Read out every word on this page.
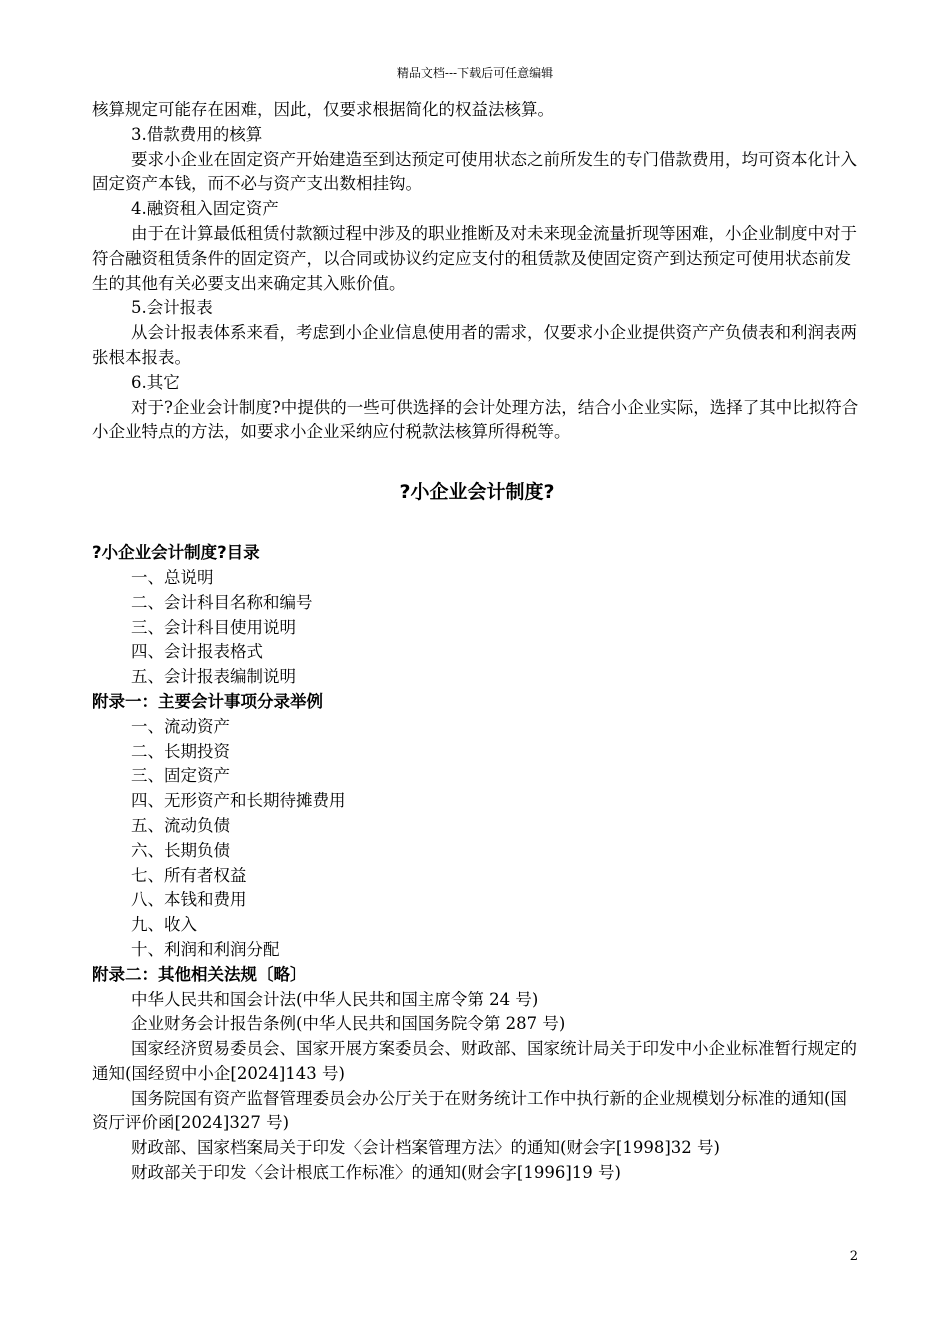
精品文档---下载后可任意编辑

核算规定可能存在困难，因此，仅要求根据简化的权益法核算。

3.借款费用的核算

要求小企业在固定资产开始建造至到达预定可使用状态之前所发生的专门借款费用，均可资本化计入固定资产本钱，而不必与资产支出数相挂钩。

4.融资租入固定资产

由于在计算最低租赁付款额过程中涉及的职业推断及对未来现金流量折现等困难，小企业制度中对于符合融资租赁条件的固定资产，以合同或协议约定应支付的租赁款及使固定资产到达预定可使用状态前发生的其他有关必要支出来确定其入账价值。

5.会计报表

从会计报表体系来看，考虑到小企业信息使用者的需求，仅要求小企业提供资产产负债表和利润表两张根本报表。

6.其它

对于?企业会计制度?中提供的一些可供选择的会计处理方法，结合小企业实际，选择了其中比拟符合小企业特点的方法，如要求小企业采纳应付税款法核算所得税等。

?小企业会计制度?

?小企业会计制度?目录

一、总说明

二、会计科目名称和编号

三、会计科目使用说明

四、会计报表格式

五、会计报表编制说明

附录一：主要会计事项分录举例

一、流动资产

二、长期投资

三、固定资产

四、无形资产和长期待摊费用

五、流动负债

六、长期负债

七、所有者权益

八、本钱和费用

九、收入

十、利润和利润分配

附录二：其他相关法规〔略〕

中华人民共和国会计法(中华人民共和国主席令第 24 号)

企业财务会计报告条例(中华人民共和国国务院令第 287 号)

国家经济贸易委员会、国家开展方案委员会、财政部、国家统计局关于印发中小企业标准暂行规定的通知(国经贸中小企[2024]143 号)

国务院国有资产监督管理委员会办公厅关于在财务统计工作中执行新的企业规模划分标准的通知(国资厅评价函[2024]327 号)

财政部、国家档案局关于印发〈会计档案管理方法〉的通知(财会字[1998]32 号)

财政部关于印发〈会计根底工作标准〉的通知(财会字[1996]19 号)

2
